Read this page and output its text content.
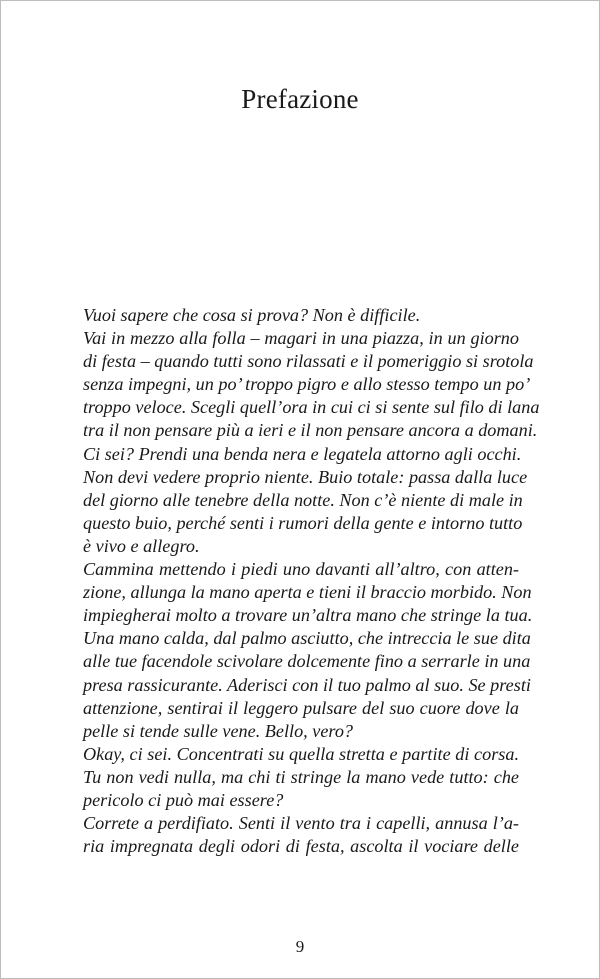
Prefazione
Vuoi sapere che cosa si prova? Non è difficile.
Vai in mezzo alla folla – magari in una piazza, in un giorno
di festa – quando tutti sono rilassati e il pomeriggio si srotola
senza impegni, un po’ troppo pigro e allo stesso tempo un po’
troppo veloce. Scegli quell’ora in cui ci si sente sul filo di lana
tra il non pensare più a ieri e il non pensare ancora a domani.
Ci sei? Prendi una benda nera e legatela attorno agli occhi.
Non devi vedere proprio niente. Buio totale: passa dalla luce
del giorno alle tenebre della notte. Non c’è niente di male in
questo buio, perché senti i rumori della gente e intorno tutto
è vivo e allegro.
Cammina mettendo i piedi uno davanti all’altro, con atten-
zione, allunga la mano aperta e tieni il braccio morbido. Non
impiegherai molto a trovare un’altra mano che stringe la tua.
Una mano calda, dal palmo asciutto, che intreccia le sue dita
alle tue facendole scivolare dolcemente fino a serrarle in una
presa rassicurante. Aderisci con il tuo palmo al suo. Se presti
attenzione, sentirai il leggero pulsare del suo cuore dove la
pelle si tende sulle vene. Bello, vero?
Okay, ci sei. Concentrati su quella stretta e partite di corsa.
Tu non vedi nulla, ma chi ti stringe la mano vede tutto: che
pericolo ci può mai essere?
Correte a perdifiato. Senti il vento tra i capelli, annusa l’a-
ria impregnata degli odori di festa, ascolta il vociare delle
9
